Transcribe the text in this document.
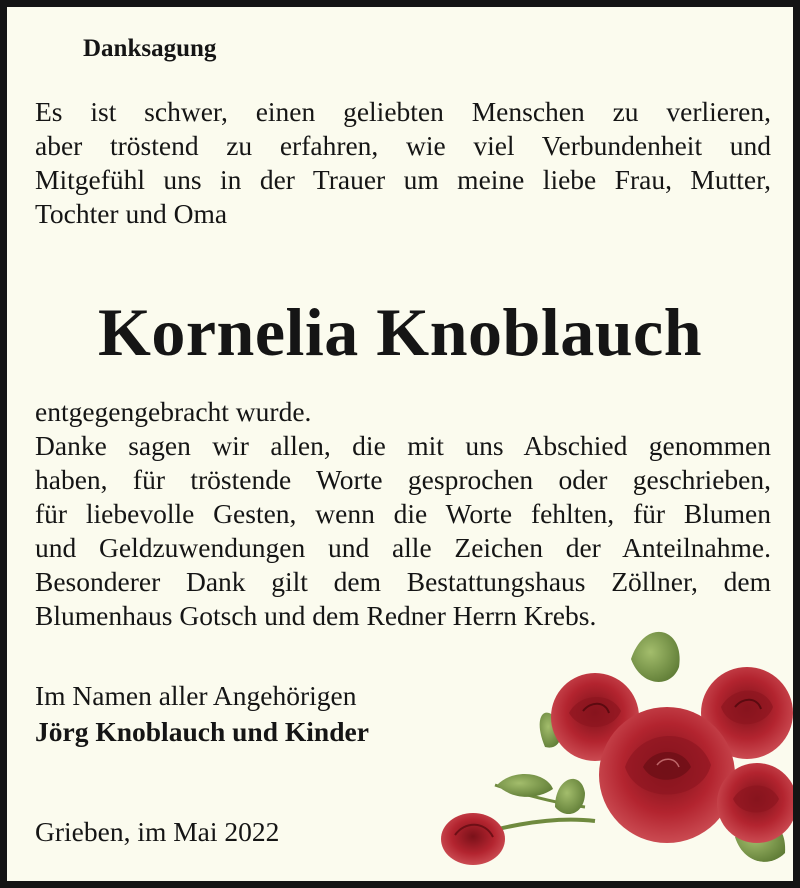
Danksagung
Es ist schwer, einen geliebten Menschen zu verlieren,
aber tröstend zu erfahren, wie viel Verbundenheit und
Mitgefühl uns in der Trauer um meine liebe Frau, Mutter,
Tochter und Oma
Kornelia Knoblauch
entgegengebracht wurde.
Danke sagen wir allen, die mit uns Abschied genommen
haben, für tröstende Worte gesprochen oder geschrieben,
für liebevolle Gesten, wenn die Worte fehlten, für Blumen
und Geldzuwendungen und alle Zeichen der Anteilnahme.
Besonderer Dank gilt dem Bestattungshaus Zöllner, dem
Blumenhaus Gotsch und dem Redner Herrn Krebs.
Im Namen aller Angehörigen
Jörg Knoblauch und Kinder
Grieben, im Mai 2022
